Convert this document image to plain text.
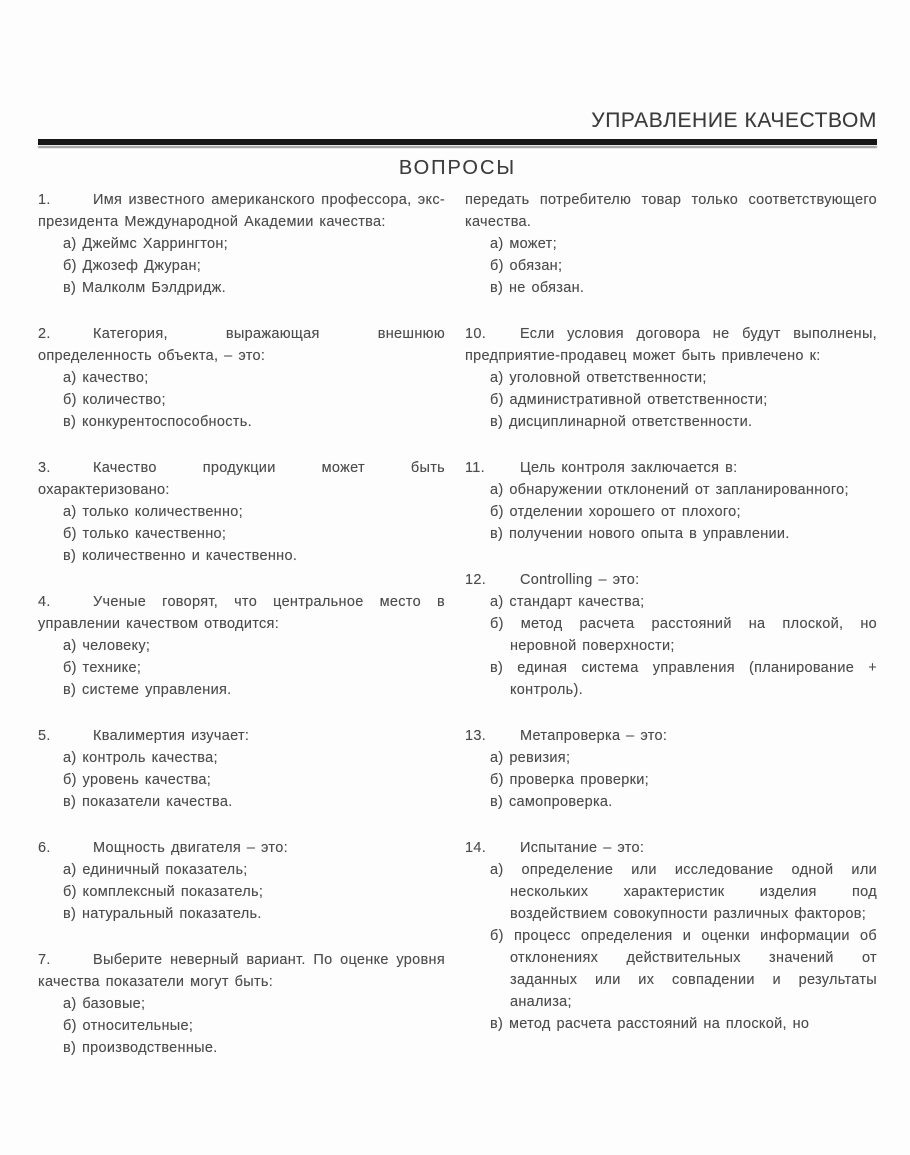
УПРАВЛЕНИЕ КАЧЕСТВОМ
ВОПРОСЫ

1.	Имя известного американского профессора, экс-президента Международной Академии качества:

а) Джеймс Харрингтон;
б) Джозеф Джуран;
в) Малколм Бэлдридж.

2.	Категория, выражающая внешнюю определенность объекта, – это:

а) качество;
б) количество;
в) конкурентоспособность.

3.	Качество продукции может быть охарактеризовано:

а) только количественно;
б) только качественно;
в) количественно и качественно.

4.	Ученые говорят, что центральное место в управлении качеством отводится:

а) человеку;
б) технике;
в) системе управления.

5.	Квалимертия изучает:

а) контроль качества;
б) уровень качества;
в) показатели качества.

6.	Мощность двигателя – это:

а) единичный показатель;
б) комплексный показатель;
в) натуральный показатель.

7.	Выберите неверный вариант. По оценке уровня качества показатели могут быть:

а) базовые;
б) относительные;
в) производственные.

передать потребителю товар только соответствующего качества.

а) может;
б) обязан;
в) не обязан.

10. Если условия договора не будут выполнены, предприятие-продавец может быть привлечено к:

а) уголовной ответственности;
б) административной ответственности;
в) дисциплинарной ответственности.

11. Цель контроля заключается в:

а) обнаружении отклонений от запланированного;
б) отделении хорошего от плохого;
в) получении нового опыта в управлении.

12. Controlling – это:

а) стандарт качества;
б) метод расчета расстояний на плоской, но неровной поверхности;
в) единая система управления (планирование + контроль).

13. Метапроверка – это:

а) ревизия;
б) проверка проверки;
в) самопроверка.

14. Испытание – это:

а) определение или исследование одной или нескольких характеристик изделия под воздействием совокупности различных факторов;
б) процесс определения и оценки информации об отклонениях действительных значений от заданных или их совпадении и результаты анализа;
в) метод расчета расстояний на плоской, но
